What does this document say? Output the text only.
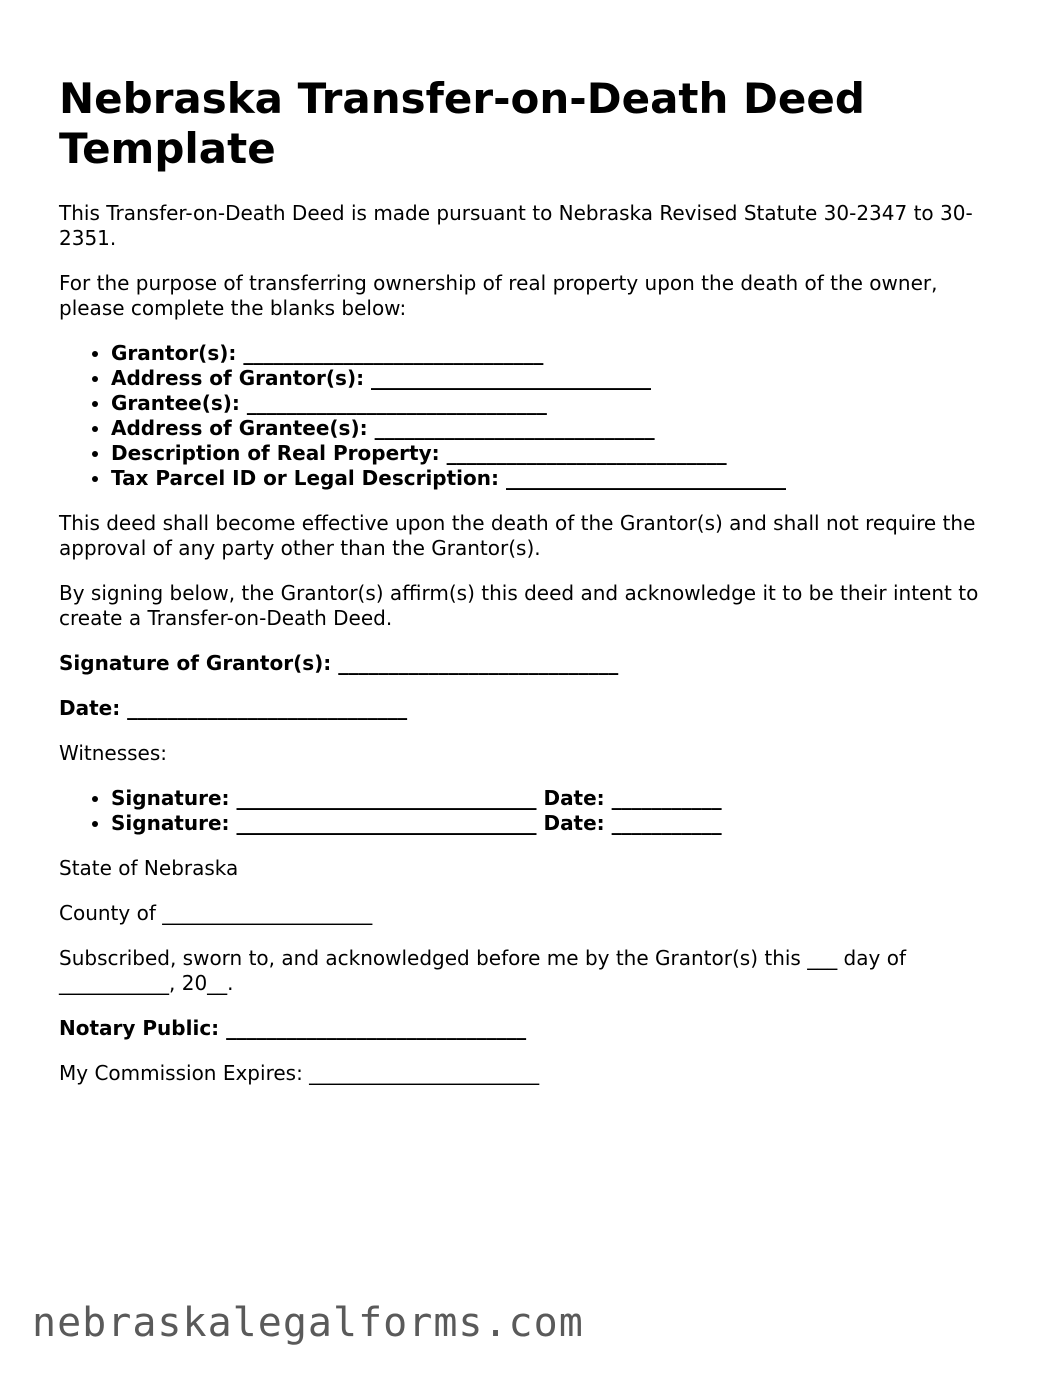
Nebraska Transfer-on-Death Deed Template

This Transfer-on-Death Deed is made pursuant to Nebraska Revised Statute 30-2347 to 30-2351.

For the purpose of transferring ownership of real property upon the death of the owner, please complete the blanks below:

• Grantor(s): ______________________________
• Address of Grantor(s): ____________________________
• Grantee(s): ______________________________
• Address of Grantee(s): ____________________________
• Description of Real Property: ____________________________
• Tax Parcel ID or Legal Description: ____________________________

This deed shall become effective upon the death of the Grantor(s) and shall not require the approval of any party other than the Grantor(s).

By signing below, the Grantor(s) affirm(s) this deed and acknowledge it to be their intent to create a Transfer-on-Death Deed.

Signature of Grantor(s): ____________________________

Date: ____________________________

Witnesses:

• Signature: ______________________________ Date: ___________
• Signature: ______________________________ Date: ___________

State of Nebraska

County of _____________________

Subscribed, sworn to, and acknowledged before me by the Grantor(s) this ___ day of ___________, 20__.

Notary Public: ______________________________

My Commission Expires: _______________________

nebraskalegalforms.com
